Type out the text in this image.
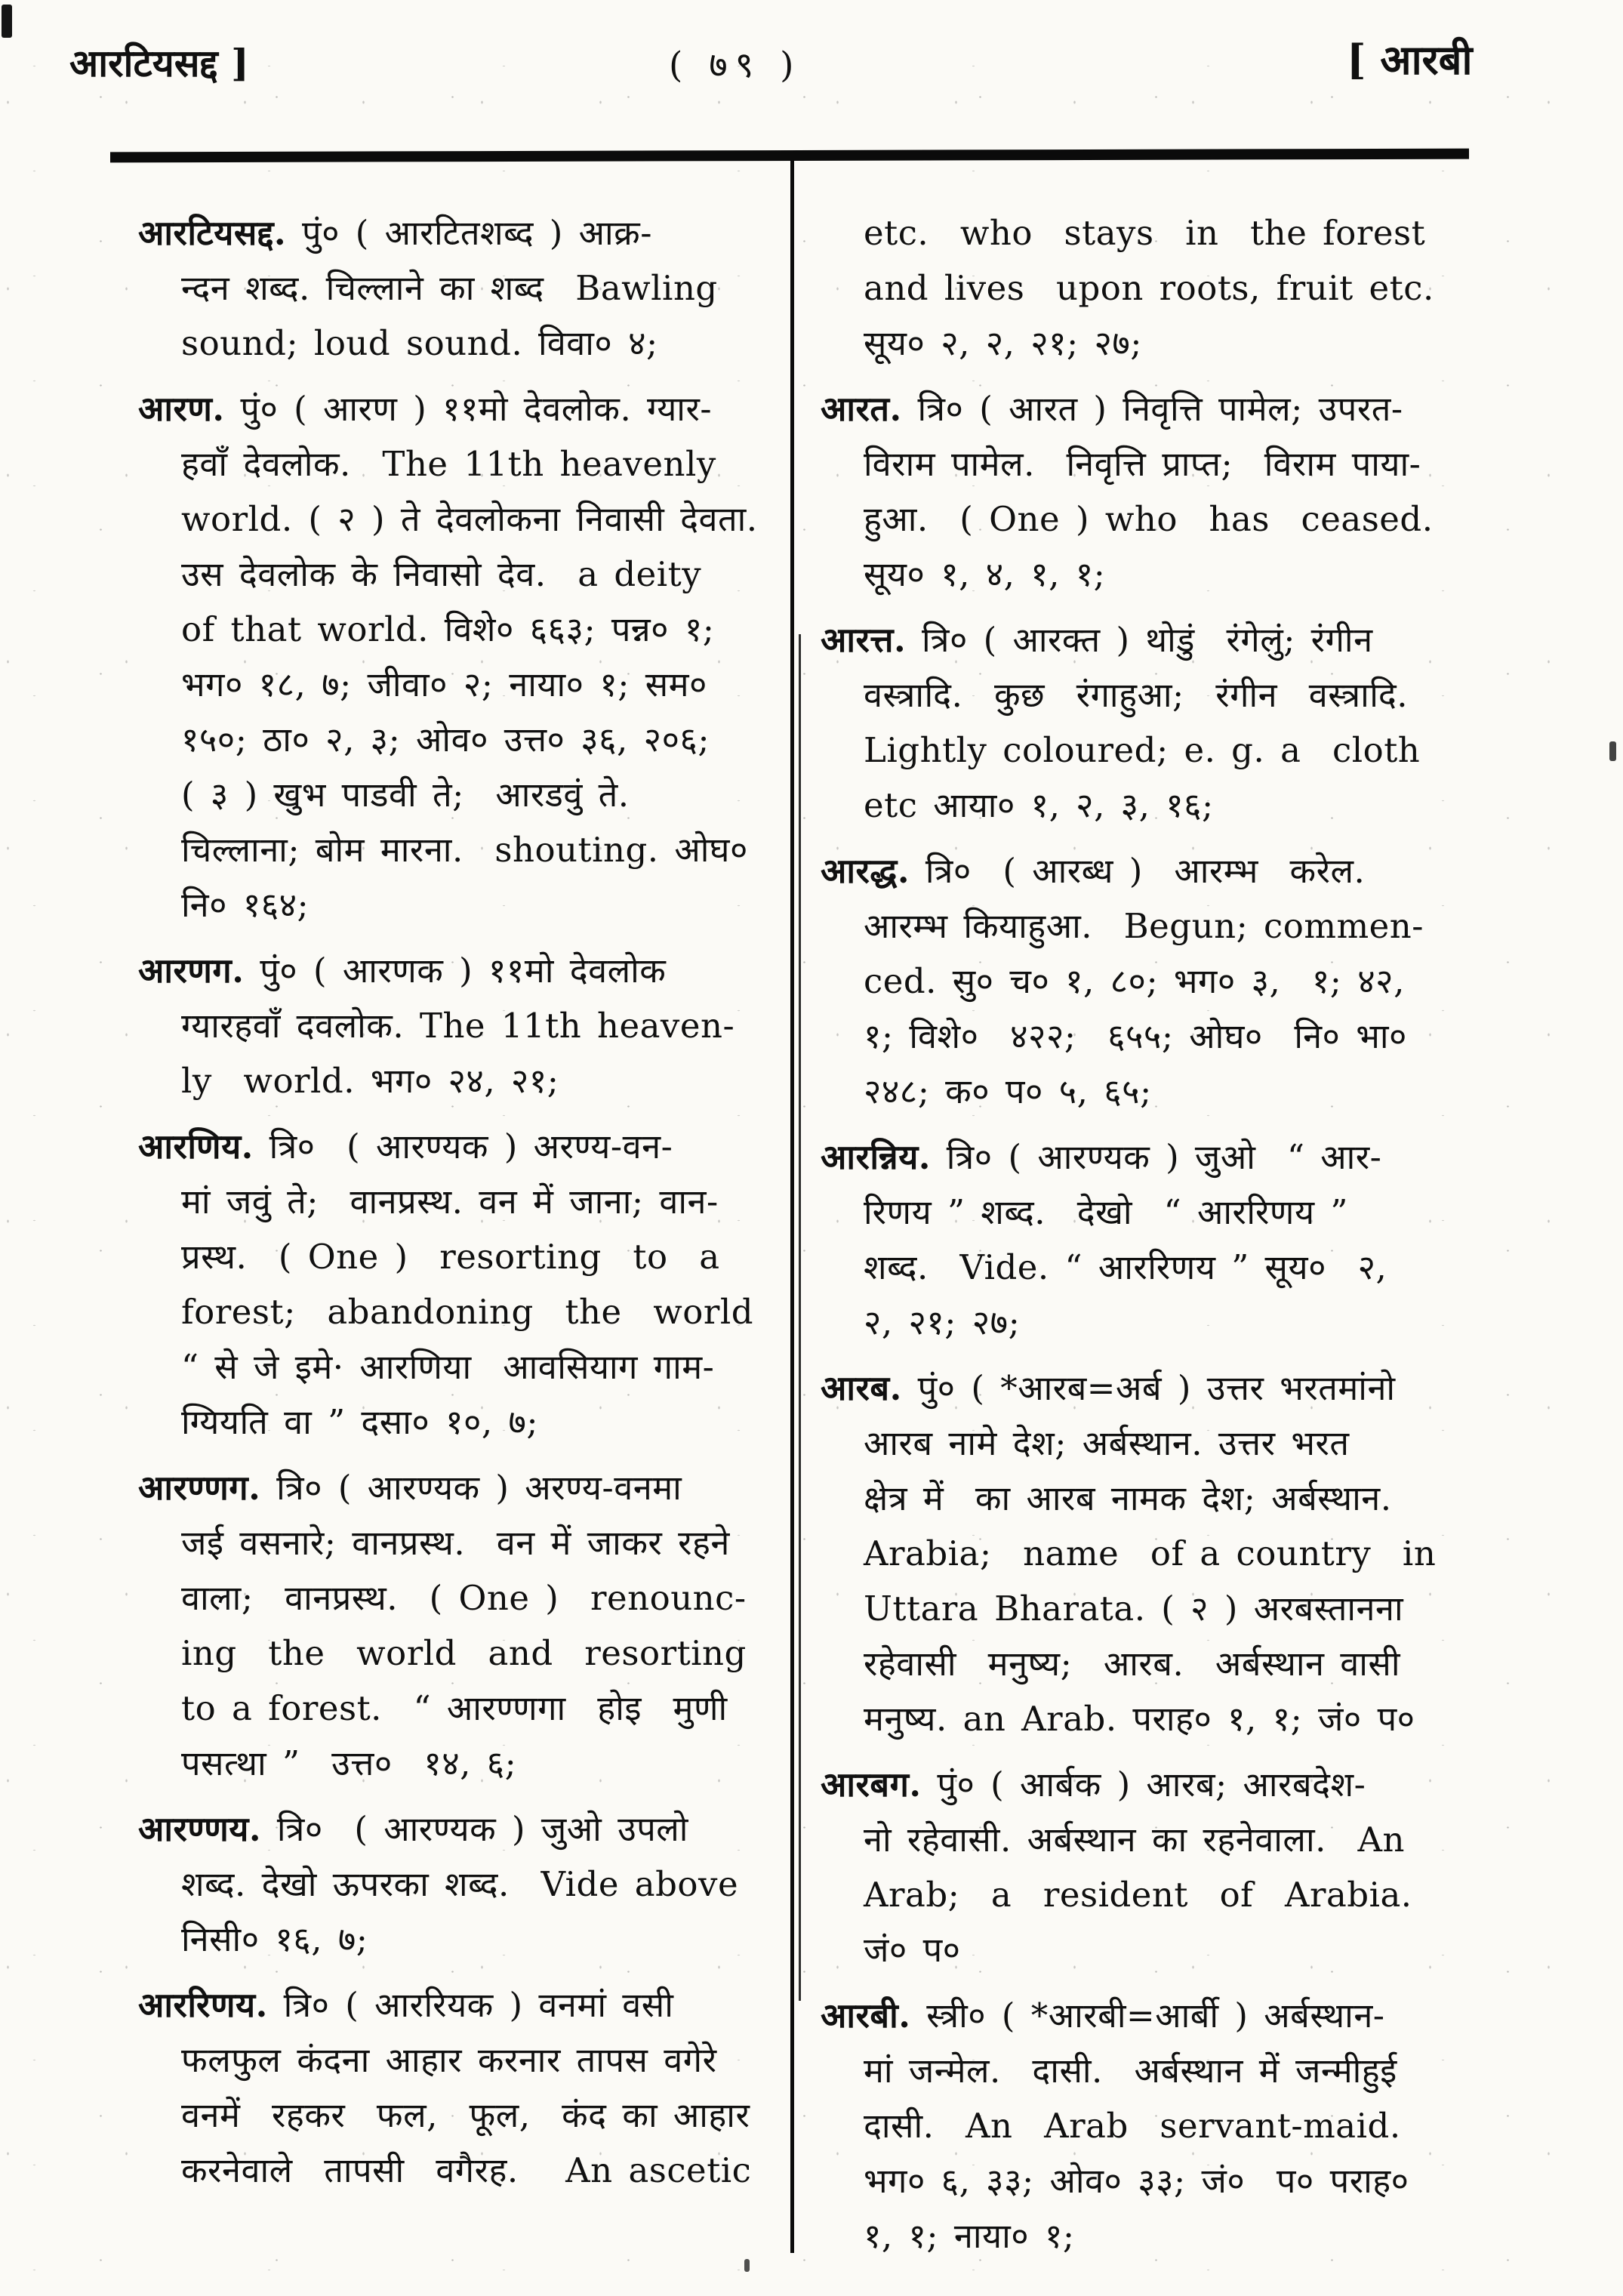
आरटियसद्द ]	( ७९ )	[ आरबी
आरटियसद्द. पुं० ( आरटितशब्द ) आक्र-
न्दन शब्द. चिल्लाने का शब्द  Bawling
sound; loud sound. विवा० ४;
आरण. पुं० ( आरण ) ११मो देवलोक. ग्यार-
हवाँ देवलोक.  The 11th heavenly
world. ( २ ) ते देवलोकना निवासी देवता.
उस देवलोक के निवासो देव.  a deity
of that world. विशे० ६६३; पन्न० १;
भग० १८, ७; जीवा० २; नाया० १; सम०
१५०; ठा० २, ३; ओव० उत्त० ३६, २०६;
( ३ ) खुभ पाडवी ते;  आरडवुं ते.
चिल्लाना; बोम मारना.  shouting. ओघ०
नि० १६४;
आरणग. पुं० ( आरणक ) ११मो देवलोक
ग्यारहवाँ दवलोक. The 11th heaven-
ly  world. भग० २४, २१;
आरणिय. त्रि०  ( आरण्यक ) अरण्य-वन-
मां जवुं ते;  वानप्रस्थ. वन में जाना; वान-
प्रस्थ.  ( One )  resorting  to  a
forest;  abandoning  the  world
“ से जे इमे· आरणिया  आवसियाग गाम-
ग्यियति वा ” दसा० १०, ७;
आरण्णग. त्रि० ( आरण्यक ) अरण्य-वनमा
जई वसनारे; वानप्रस्थ.  वन में जाकर रहने
वाला;  वानप्रस्थ.  ( One )  renounc-
ing  the  world  and  resorting
to a forest.  “ आरण्णगा  होइ  मुणी
पसत्था ”  उत्त०  १४, ६;
आरण्णय. त्रि०  ( आरण्यक ) जुओ उपलो
शब्द. देखो ऊपरका शब्द.  Vide above
निसी० १६, ७;
आररिणय. त्रि० ( आररियक ) वनमां वसी
फलफुल कंदना आहार करनार तापस वगेरे
वनमें  रहकर  फल,  फूल,  कंद का आहार
करनेवाले  तापसी  वगैरह.   An ascetic
etc.  who  stays  in  the forest
and lives  upon roots, fruit etc.
सूय० २, २, २१; २७;
आरत. त्रि० ( आरत ) निवृत्ति पामेल; उपरत-
विराम पामेल.  निवृत्ति प्राप्त;  विराम पाया-
हुआ.  ( One ) who  has  ceased.
सूय० १, ४, १, १;
आरत्त. त्रि० ( आरक्त ) थोडुं  रंगेलुं; रंगीन
वस्त्रादि.  कुछ  रंगाहुआ;  रंगीन  वस्त्रादि.
Lightly coloured; e. g. a  cloth
etc आया० १, २, ३, १६;
आरद्ध. त्रि०  ( आरब्ध )  आरम्भ  करेल.
आरम्भ कियाहुआ.  Begun; commen-
ced. सु० च० १, ८०; भग० ३,  १; ४२,
१; विशे०  ४२२;  ६५५; ओघ०  नि० भा०
२४८; क० प० ५, ६५;
आरन्निय. त्रि० ( आरण्यक ) जुओ  “ आर-
रिणय ” शब्द.  देखो  “ आररिणय ”
शब्द.  Vide. “ आररिणय ” सूय०  २,
२, २१; २७;
आरब. पुं० ( *आरब=अर्ब ) उत्तर भरतमांनो
आरब नामे देश; अर्बस्थान. उत्तर भरत
क्षेत्र में  का आरब नामक देश; अर्बस्थान.
Arabia;  name  of a country  in
Uttara Bharata. ( २ ) अरबस्तानना
रहेवासी  मनुष्य;  आरब.  अर्बस्थान वासी
मनुष्य. an Arab. पराह० १, १; जं० प०
आरबग. पुं० ( आर्बक ) आरब; आरबदेश-
नो रहेवासी. अर्बस्थान का रहनेवाला.  An
Arab;  a  resident  of  Arabia.
जं० प०
आरबी. स्त्री० ( *आरबी=आर्बी ) अर्बस्थान-
मां जन्मेल.  दासी.  अर्बस्थान में जन्मीहुई
दासी.  An  Arab  servant-maid.
भग० ६, ३३; ओव० ३३; जं०  प० पराह०
१, १; नाया० १;
